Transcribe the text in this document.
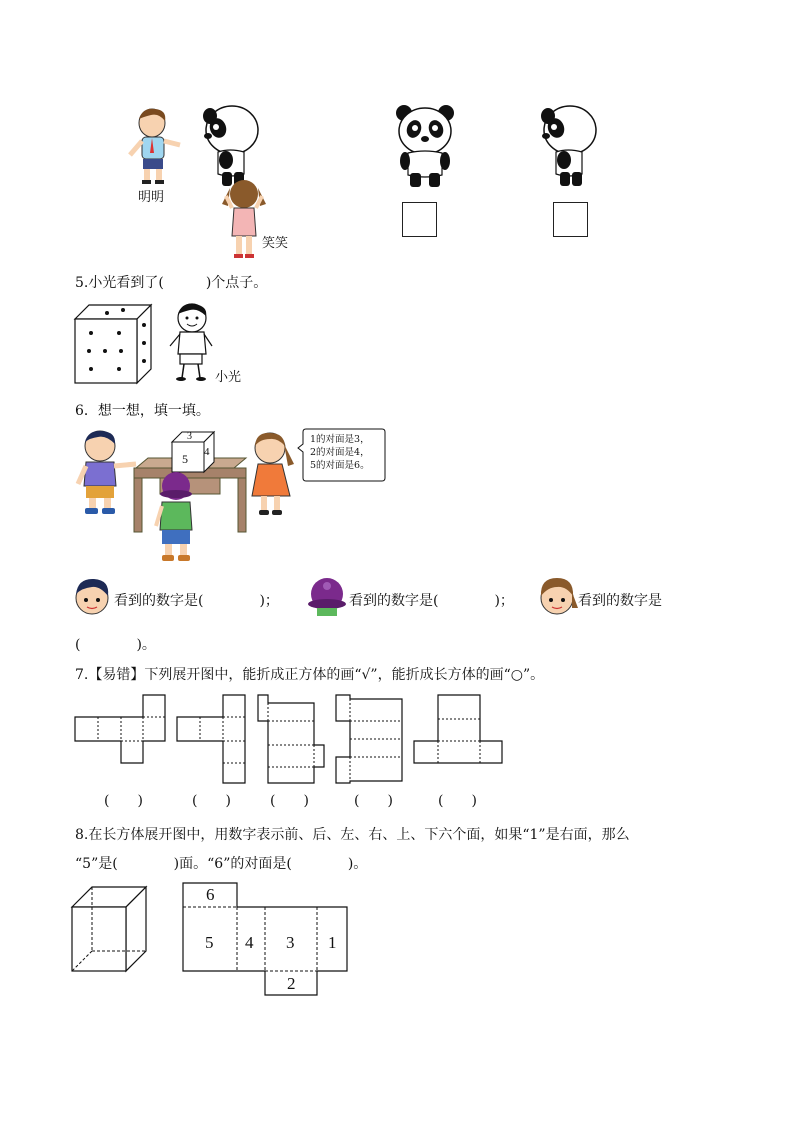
明明
笑笑
5.小光看到了(　　　)个点子。
小光
6．想一想，填一填。
3
4
5
1的对面是3，
2的对面是4，
5的对面是6。
看到的数字是(　　　　)；	看到的数字是(　　　　)；	看到的数字是
(　　　　)。
7.【易错】下列展开图中，能折成正方体的画“√”，能折成长方体的画“○”。
(　　)	(　　)	(　　)	(　　)	(　　)
8.在长方体展开图中，用数字表示前、后、左、右、上、下六个面，如果“1”是右面，那么
“5”是(　　　　)面。“6”的对面是(　　　　)。
6
5 4 3 1
2
